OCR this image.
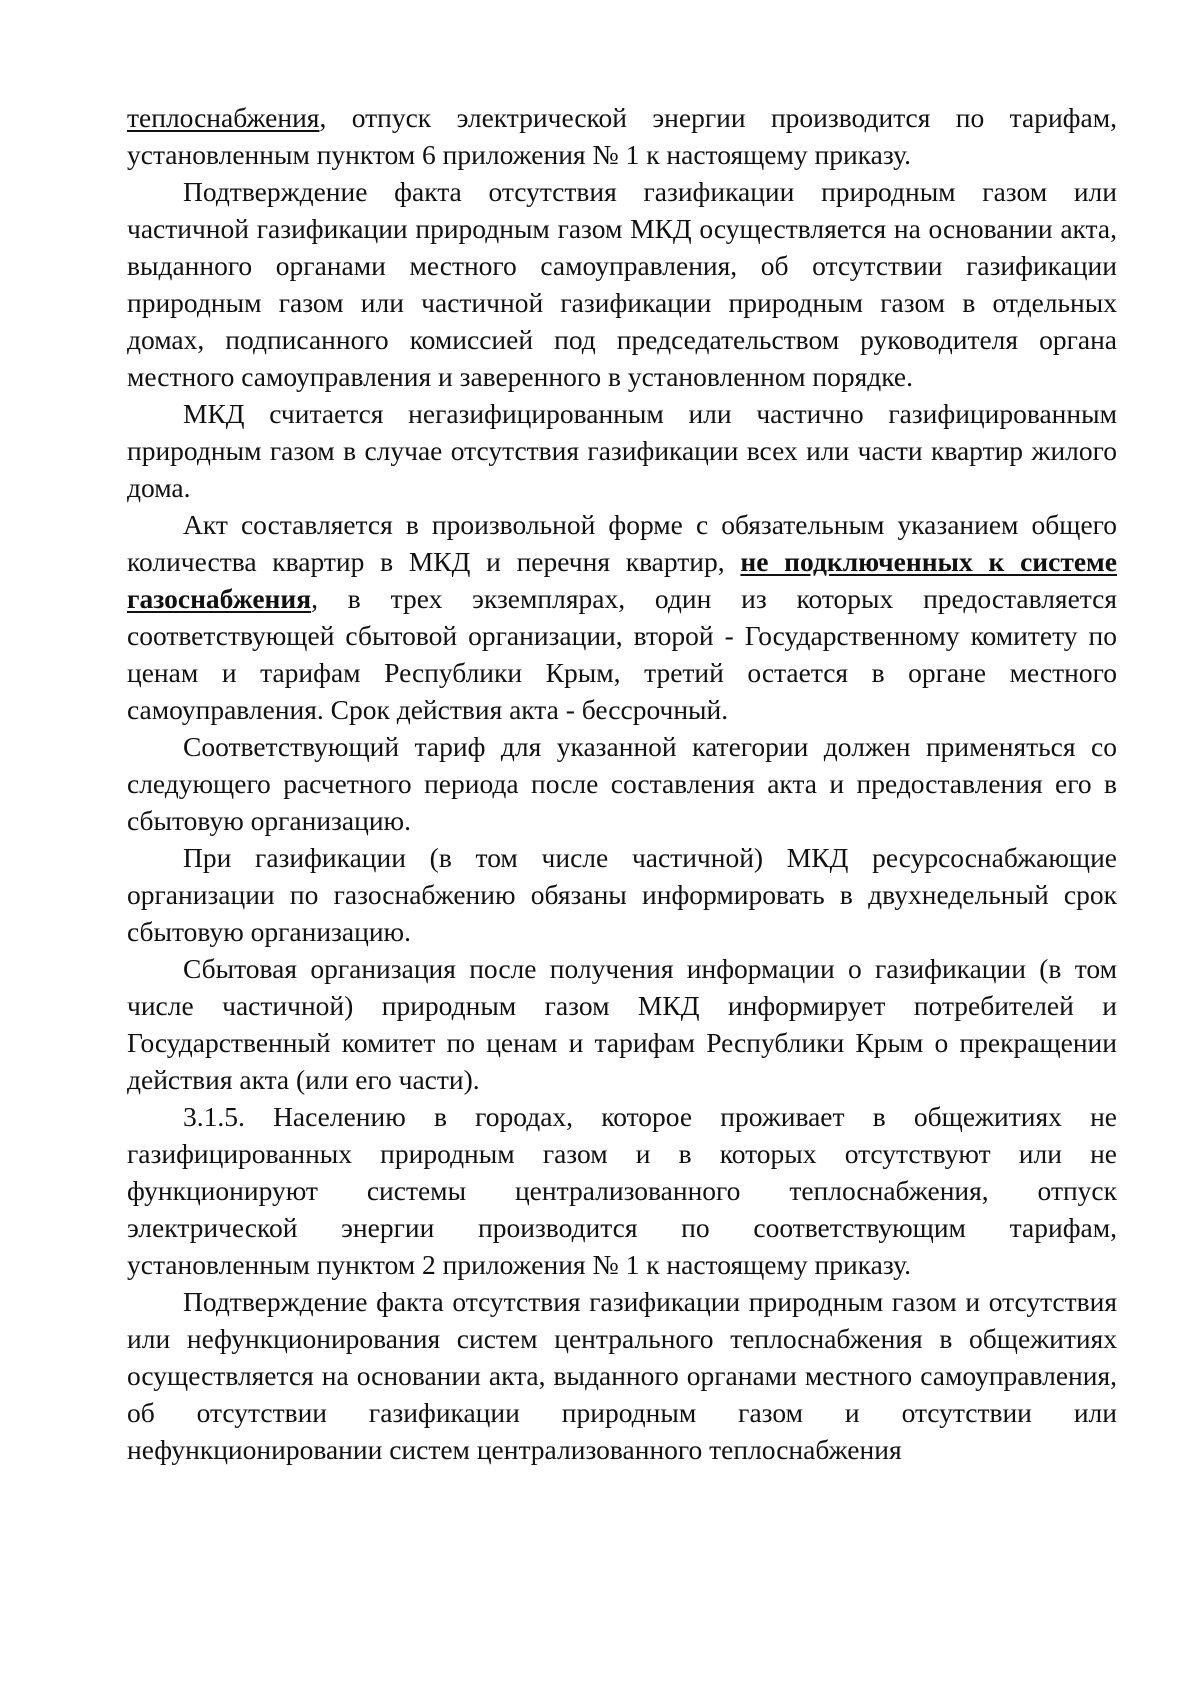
теплоснабжения, отпуск электрической энергии производится по тарифам, установленным пунктом 6 приложения № 1 к настоящему приказу.

Подтверждение факта отсутствия газификации природным газом или частичной газификации природным газом МКД осуществляется на основании акта, выданного органами местного самоуправления, об отсутствии газификации природным газом или частичной газификации природным газом в отдельных домах, подписанного комиссией под председательством руководителя органа местного самоуправления и заверенного в установленном порядке.

МКД считается негазифицированным или частично газифицированным природным газом в случае отсутствия газификации всех или части квартир жилого дома.

Акт составляется в произвольной форме с обязательным указанием общего количества квартир в МКД и перечня квартир, не подключенных к системе газоснабжения, в трех экземплярах, один из которых предоставляется соответствующей сбытовой организации, второй - Государственному комитету по ценам и тарифам Республики Крым, третий остается в органе местного самоуправления. Срок действия акта - бессрочный.

Соответствующий тариф для указанной категории должен применяться со следующего расчетного периода после составления акта и предоставления его в сбытовую организацию.

При газификации (в том числе частичной) МКД ресурсоснабжающие организации по газоснабжению обязаны информировать в двухнедельный срок сбытовую организацию.

Сбытовая организация после получения информации о газификации (в том числе частичной) природным газом МКД информирует потребителей и Государственный комитет по ценам и тарифам Республики Крым о прекращении действия акта (или его части).

3.1.5. Населению в городах, которое проживает в общежитиях не газифицированных природным газом и в которых отсутствуют или не функционируют системы централизованного теплоснабжения, отпуск электрической энергии производится по соответствующим тарифам, установленным пунктом 2 приложения № 1 к настоящему приказу.

Подтверждение факта отсутствия газификации природным газом и отсутствия или нефункционирования систем центрального теплоснабжения в общежитиях осуществляется на основании акта, выданного органами местного самоуправления, об отсутствии газификации природным газом и отсутствии или нефункционировании систем централизованного теплоснабжения
